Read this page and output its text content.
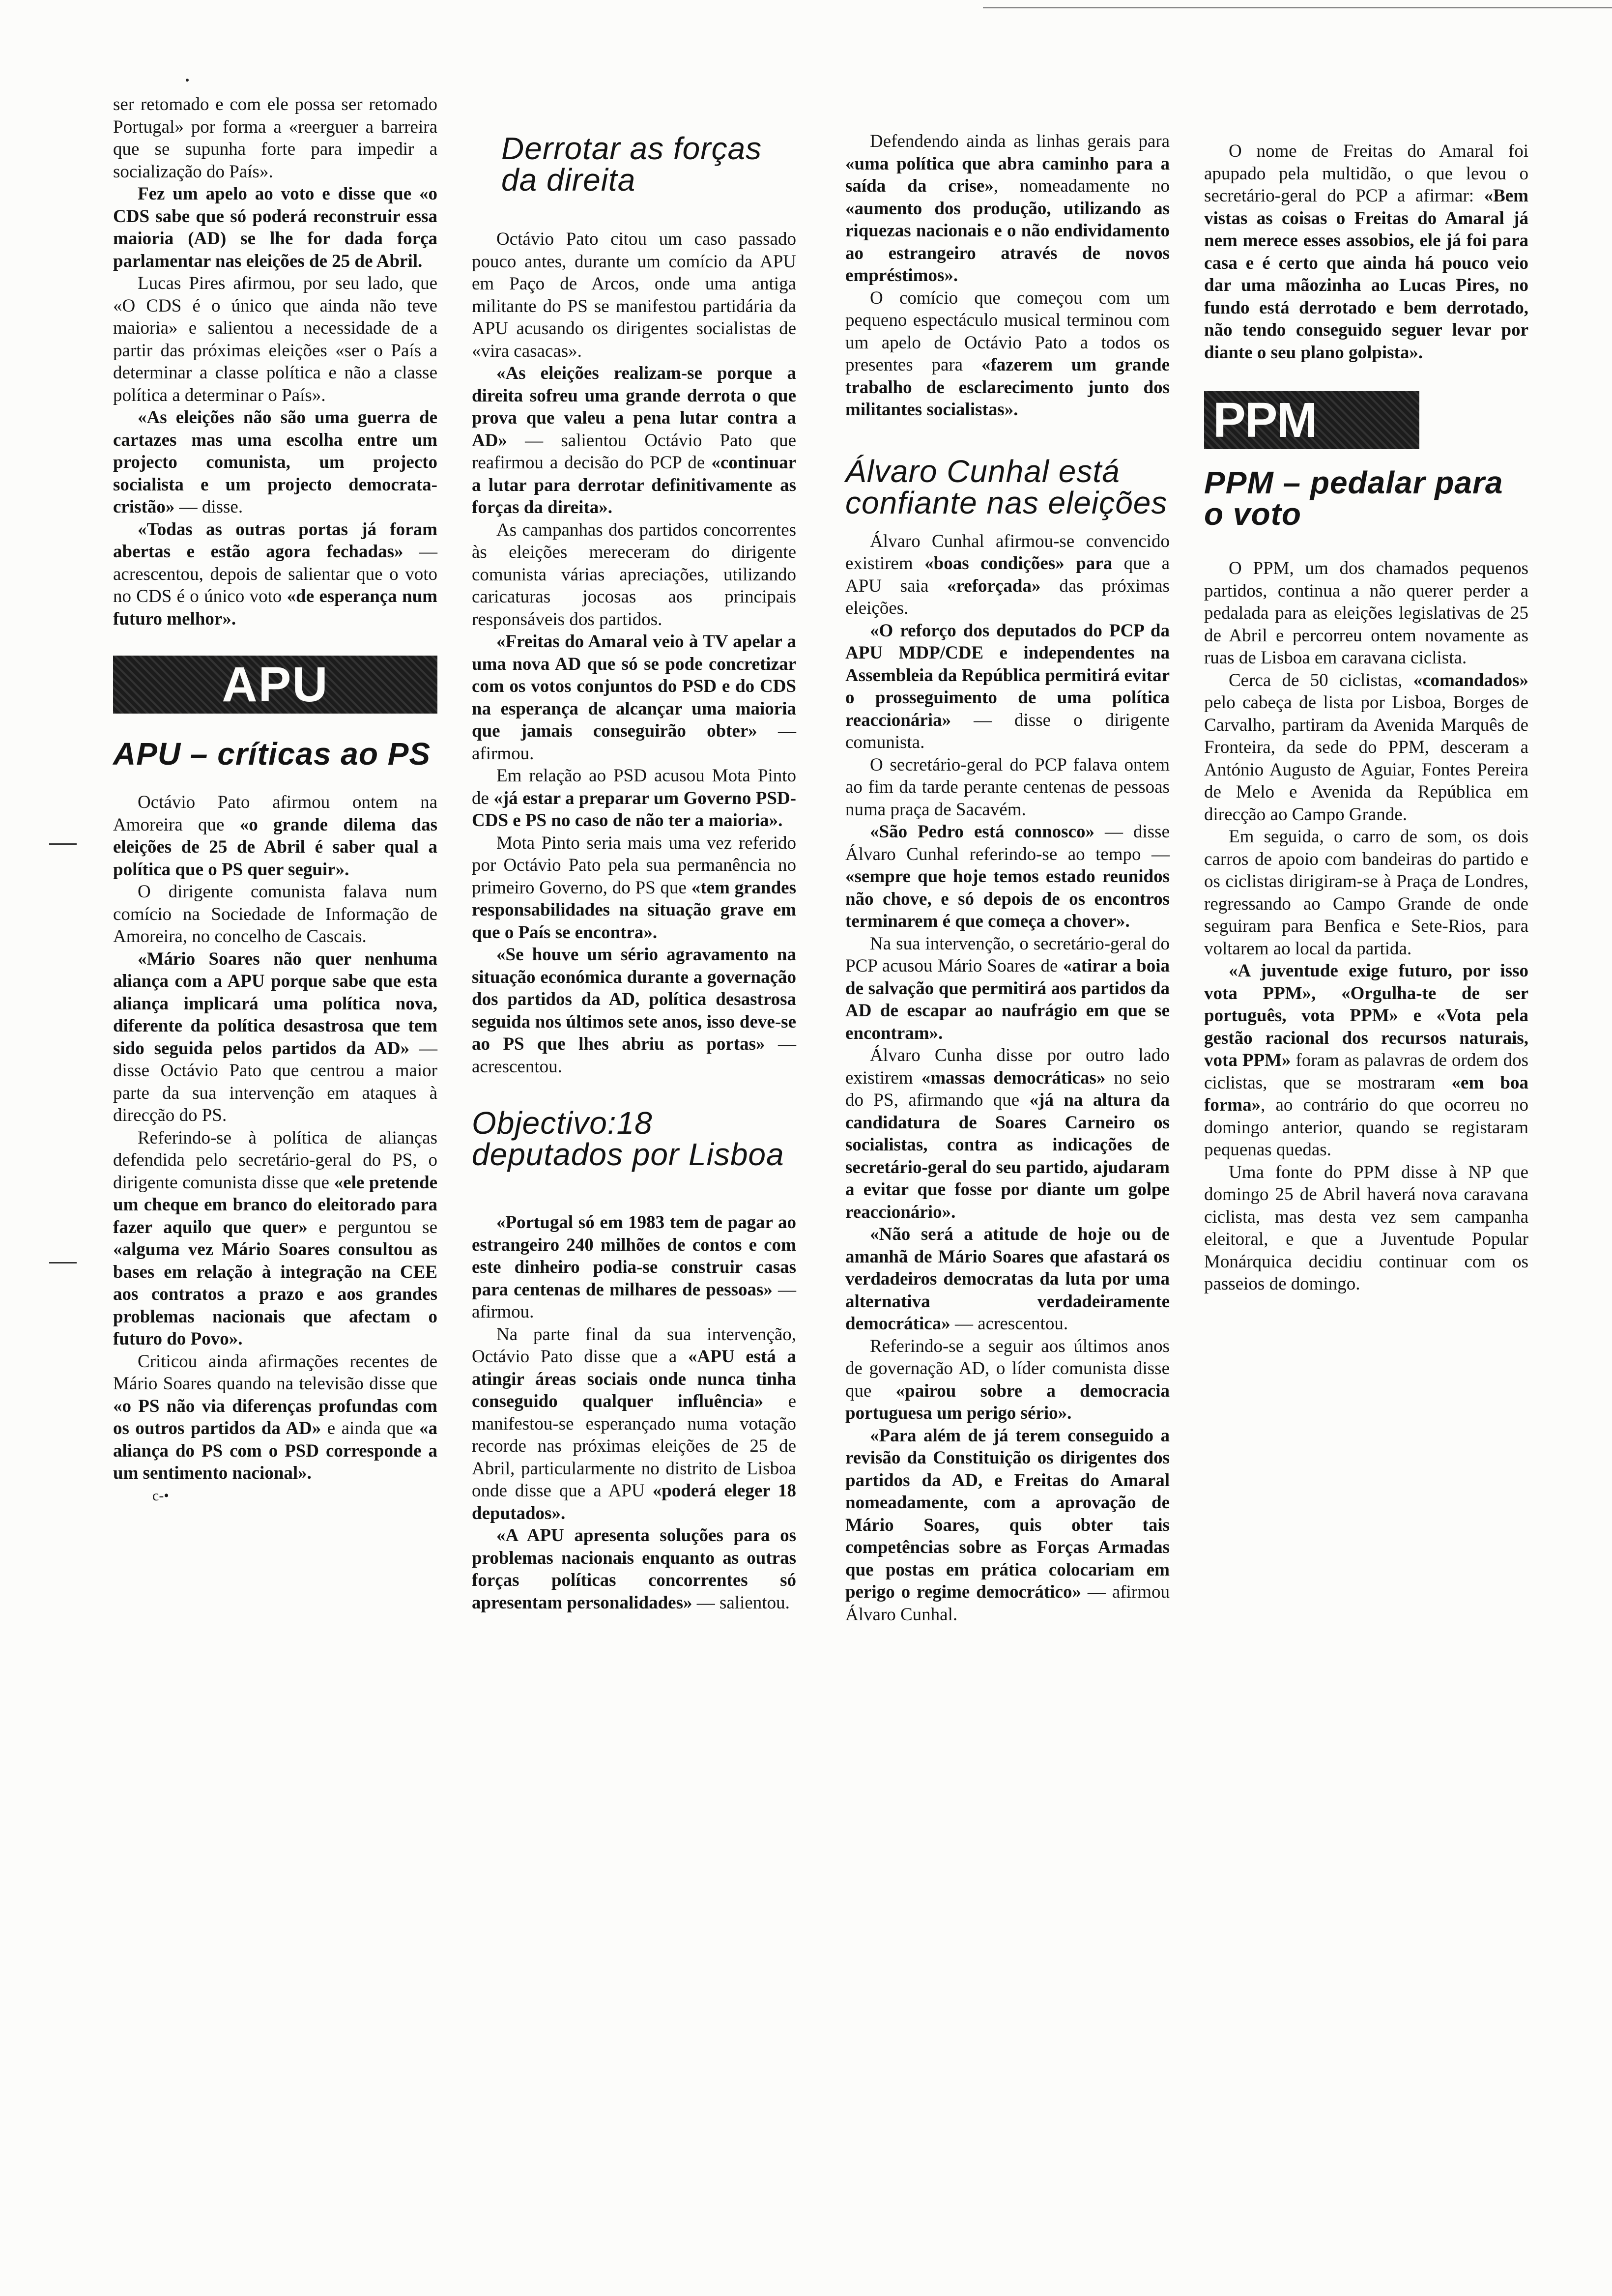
ser retomado e com ele possa ser retomado Portugal» por forma a «reerguer a barreira que se supunha forte para impedir a socialização do País».

Fez um apelo ao voto e disse que «o CDS sabe que só poderá reconstruir essa maioria (AD) se lhe for dada força parlamentar nas eleições de 25 de Abril.

Lucas Pires afirmou, por seu lado, que «O CDS é o único que ainda não teve maioria» e salientou a necessidade de a partir das próximas eleições «ser o País a determinar a classe política e não a classe política a determinar o País».

«As eleições não são uma guerra de cartazes mas uma escolha entre um projecto comunista, um projecto socialista e um projecto democrata-cristão» — disse.

«Todas as outras portas já foram abertas e estão agora fechadas» — acrescentou, depois de salientar que o voto no CDS é o único voto «de esperança num futuro melhor».

APU
APU – críticas ao PS

Octávio Pato afirmou ontem na Amoreira que «o grande dilema das eleições de 25 de Abril é saber qual a política que o PS quer seguir».

O dirigente comunista falava num comício na Sociedade de Informação de Amoreira, no concelho de Cascais.

«Mário Soares não quer nenhuma aliança com a APU porque sabe que esta aliança implicará uma política nova, diferente da política desastrosa que tem sido seguida pelos partidos da AD» — disse Octávio Pato que centrou a maior parte da sua intervenção em ataques à direcção do PS.

Referindo-se à política de alianças defendida pelo secretário-geral do PS, o dirigente comunista disse que «ele pretende um cheque em branco do eleitorado para fazer aquilo que quer» e perguntou se «alguma vez Mário Soares consultou as bases em relação à integração na CEE aos contratos a prazo e aos grandes problemas nacionais que afectam o futuro do Povo».

Criticou ainda afirmações recentes de Mário Soares quando na televisão disse que «o PS não via diferenças profundas com os outros partidos da AD» e ainda que «a aliança do PS com o PSD corresponde a um sentimento nacional».

c-•

Derrotar as forças da direita

Octávio Pato citou um caso passado pouco antes, durante um comício da APU em Paço de Arcos, onde uma antiga militante do PS se manifestou partidária da APU acusando os dirigentes socialistas de «vira casacas».

«As eleições realizam-se porque a direita sofreu uma grande derrota o que prova que valeu a pena lutar contra a AD» — salientou Octávio Pato que reafirmou a decisão do PCP de «continuar a lutar para derrotar definitivamente as forças da direita».

As campanhas dos partidos concorrentes às eleições mereceram do dirigente comunista várias apreciações, utilizando caricaturas jocosas aos principais responsáveis dos partidos.

«Freitas do Amaral veio à TV apelar a uma nova AD que só se pode concretizar com os votos conjuntos do PSD e do CDS na esperança de alcançar uma maioria que jamais conseguirão obter» — afirmou.

Em relação ao PSD acusou Mota Pinto de «já estar a preparar um Governo PSD-CDS e PS no caso de não ter a maioria».

Mota Pinto seria mais uma vez referido por Octávio Pato pela sua permanência no primeiro Governo, do PS que «tem grandes responsabilidades na situação grave em que o País se encontra».

«Se houve um sério agravamento na situação económica durante a governação dos partidos da AD, política desastrosa seguida nos últimos sete anos, isso deve-se ao PS que lhes abriu as portas» — acrescentou.

Objectivo:18 deputados por Lisboa

«Portugal só em 1983 tem de pagar ao estrangeiro 240 milhões de contos e com este dinheiro podia-se construir casas para centenas de milhares de pessoas» — afirmou.

Na parte final da sua intervenção, Octávio Pato disse que a «APU está a atingir áreas sociais onde nunca tinha conseguido qualquer influência» e manifestou-se esperançado numa votação recorde nas próximas eleições de 25 de Abril, particularmente no distrito de Lisboa onde disse que a APU «poderá eleger 18 deputados».

«A APU apresenta soluções para os problemas nacionais enquanto as outras forças políticas concorrentes só apresentam personalidades» — salientou.

Defendendo ainda as linhas gerais para «uma política que abra caminho para a saída da crise», nomeadamente no «aumento dos produção, utilizando as riquezas nacionais e o não endividamento ao estrangeiro através de novos empréstimos».

O comício que começou com um pequeno espectáculo musical terminou com um apelo de Octávio Pato a todos os presentes para «fazerem um grande trabalho de esclarecimento junto dos militantes socialistas».

Álvaro Cunhal está confiante nas eleições

Álvaro Cunhal afirmou-se convencido existirem «boas condições» para que a APU saia «reforçada» das próximas eleições.

«O reforço dos deputados do PCP da APU MDP/CDE e independentes na Assembleia da República permitirá evitar o prosseguimento de uma política reaccionária» — disse o dirigente comunista.

O secretário-geral do PCP falava ontem ao fim da tarde perante centenas de pessoas numa praça de Sacavém.

«São Pedro está connosco» — disse Álvaro Cunhal referindo-se ao tempo — «sempre que hoje temos estado reunidos não chove, e só depois de os encontros terminarem é que começa a chover».

Na sua intervenção, o secretário-geral do PCP acusou Mário Soares de «atirar a boia de salvação que permitirá aos partidos da AD de escapar ao naufrágio em que se encontram».

Álvaro Cunha disse por outro lado existirem «massas democráticas» no seio do PS, afirmando que «já na altura da candidatura de Soares Carneiro os socialistas, contra as indicações de secretário-geral do seu partido, ajudaram a evitar que fosse por diante um golpe reaccionário».

«Não será a atitude de hoje ou de amanhã de Mário Soares que afastará os verdadeiros democratas da luta por uma alternativa verdadeiramente democrática» — acrescentou.

Referindo-se a seguir aos últimos anos de governação AD, o líder comunista disse que «pairou sobre a democracia portuguesa um perigo sério».

«Para além de já terem conseguido a revisão da Constituição os dirigentes dos partidos da AD, e Freitas do Amaral nomeadamente, com a aprovação de Mário Soares, quis obter tais competências sobre as Forças Armadas que postas em prática colocariam em perigo o regime democrático» — afirmou Álvaro Cunhal.

O nome de Freitas do Amaral foi apupado pela multidão, o que levou o secretário-geral do PCP a afirmar: «Bem vistas as coisas o Freitas do Amaral já nem merece esses assobios, ele já foi para casa e é certo que ainda há pouco veio dar uma mãozinha ao Lucas Pires, no fundo está derrotado e bem derrotado, não tendo conseguido seguer levar por diante o seu plano golpista».

PPM
PPM – pedalar para o voto

O PPM, um dos chamados pequenos partidos, continua a não querer perder a pedalada para as eleições legislativas de 25 de Abril e percorreu ontem novamente as ruas de Lisboa em caravana ciclista.

Cerca de 50 ciclistas, «comandados» pelo cabeça de lista por Lisboa, Borges de Carvalho, partiram da Avenida Marquês de Fronteira, da sede do PPM, desceram a António Augusto de Aguiar, Fontes Pereira de Melo e Avenida da República em direcção ao Campo Grande.

Em seguida, o carro de som, os dois carros de apoio com bandeiras do partido e os ciclistas dirigiram-se à Praça de Londres, regressando ao Campo Grande de onde seguiram para Benfica e Sete-Rios, para voltarem ao local da partida.

«A juventude exige futuro, por isso vota PPM», «Orgulha-te de ser português, vota PPM» e «Vota pela gestão racional dos recursos naturais, vota PPM» foram as palavras de ordem dos ciclistas, que se mostraram «em boa forma», ao contrário do que ocorreu no domingo anterior, quando se registaram pequenas quedas.

Uma fonte do PPM disse à NP que domingo 25 de Abril haverá nova caravana ciclista, mas desta vez sem campanha eleitoral, e que a Juventude Popular Monárquica decidiu continuar com os passeios de domingo.
